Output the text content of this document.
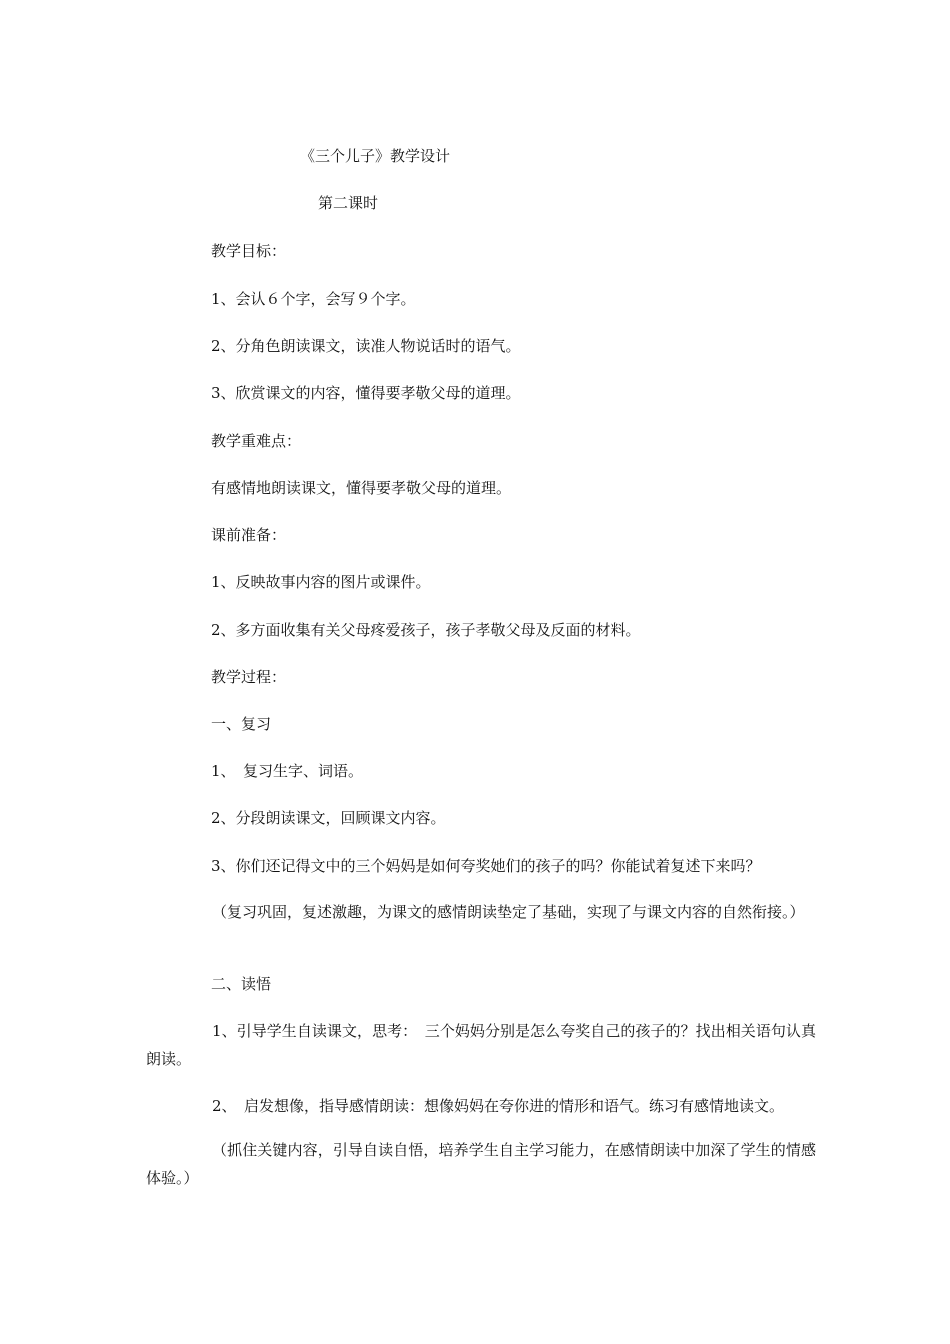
《三个儿子》教学设计
第二课时
教学目标：
1、会认６个字，会写９个字。
2、分角色朗读课文，读准人物说话时的语气。
3、欣赏课文的内容，懂得要孝敬父母的道理。
教学重难点：
有感情地朗读课文，懂得要孝敬父母的道理。
课前准备：
1、反映故事内容的图片或课件。
2、多方面收集有关父母疼爱孩子，孩子孝敬父母及反面的材料。
教学过程：
一、复习
1、　复习生字、词语。
2、分段朗读课文，回顾课文内容。
3、你们还记得文中的三个妈妈是如何夸奖她们的孩子的吗？你能试着复述下来吗？
（复习巩固，复述激趣，为课文的感情朗读垫定了基础，实现了与课文内容的自然衔接。）
二、读悟
1、引导学生自读课文，思考：　三个妈妈分别是怎么夸奖自己的孩子的？找出相关语句认真朗读。
2、　启发想像，指导感情朗读：想像妈妈在夸你进的情形和语气。练习有感情地读文。
（抓住关键内容，引导自读自悟，培养学生自主学习能力，在感情朗读中加深了学生的情感体验。）
